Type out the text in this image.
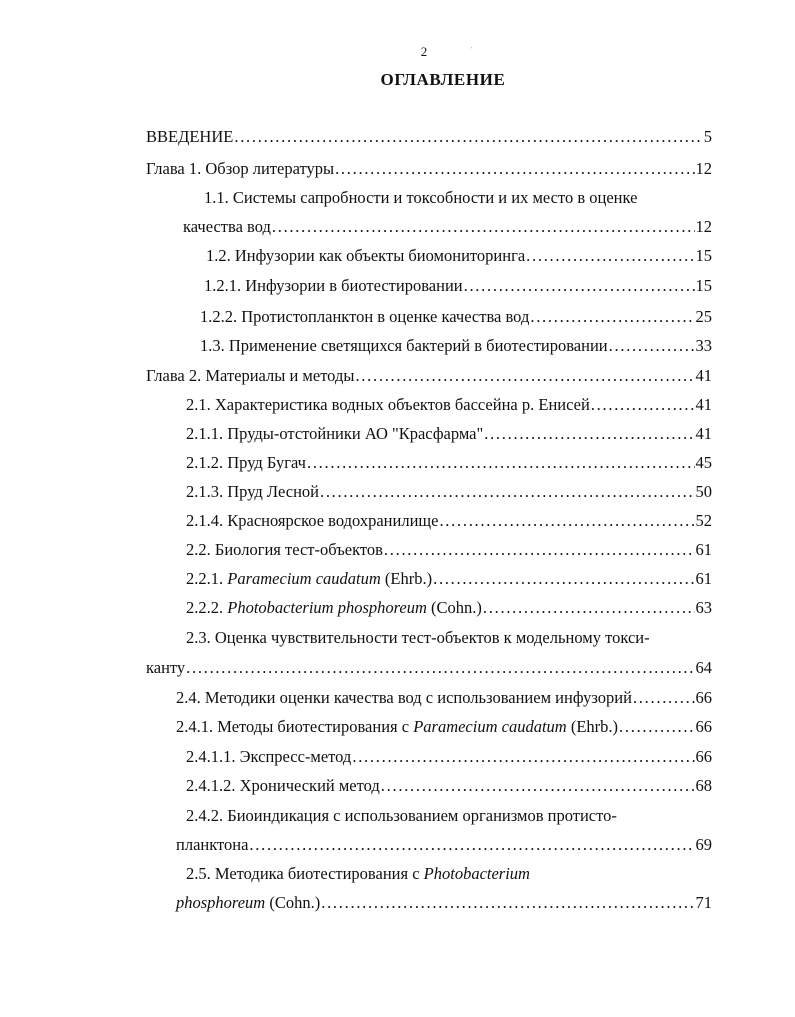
2	´
ОГЛАВЛЕНИЕ
ВВЕДЕНИЕ . . .	5
Глава 1. Обзор литературы . . .	12
1.1. Системы сапробности и токсобности и их место в оценке
качества вод . . .	12
1.2. Инфузории как объекты биомониторинга . . .	15
1.2.1. Инфузории в биотестировании . . .	15
1.2.2. Протистопланктон в оценке качества вод . . .	25
1.3. Применение светящихся бактерий в биотестировании . . .	33
Глава 2. Материалы и методы . . .	41
2.1. Характеристика водных объектов бассейна р. Енисей . . .	41
2.1.1. Пруды-отстойники АО "Красфарма" . . .	41
2.1.2. Пруд Бугач . . .	45
2.1.3. Пруд Лесной . . .	50
2.1.4. Красноярское водохранилище . . .	52
2.2. Биология тест-объектов . . .	61
2.2.1. Paramecium caudatum (Ehrb.) . . .	61
2.2.2. Photobacterium phosphoreum (Cohn.) . . .	63
2.3. Оценка чувствительности тест-объектов к модельному токси-
канту . . .	64
2.4. Методики оценки качества вод с использованием инфузорий . . .	66
2.4.1. Методы биотестирования с Paramecium caudatum (Ehrb.) . . .	66
2.4.1.1. Экспресс-метод . . .	66
2.4.1.2. Хронический метод . . .	68
2.4.2. Биоиндикация с использованием организмов протисто-
планктона . . .	69
2.5. Методика биотестирования с Photobacterium
phosphoreum (Cohn.) . . .	71
